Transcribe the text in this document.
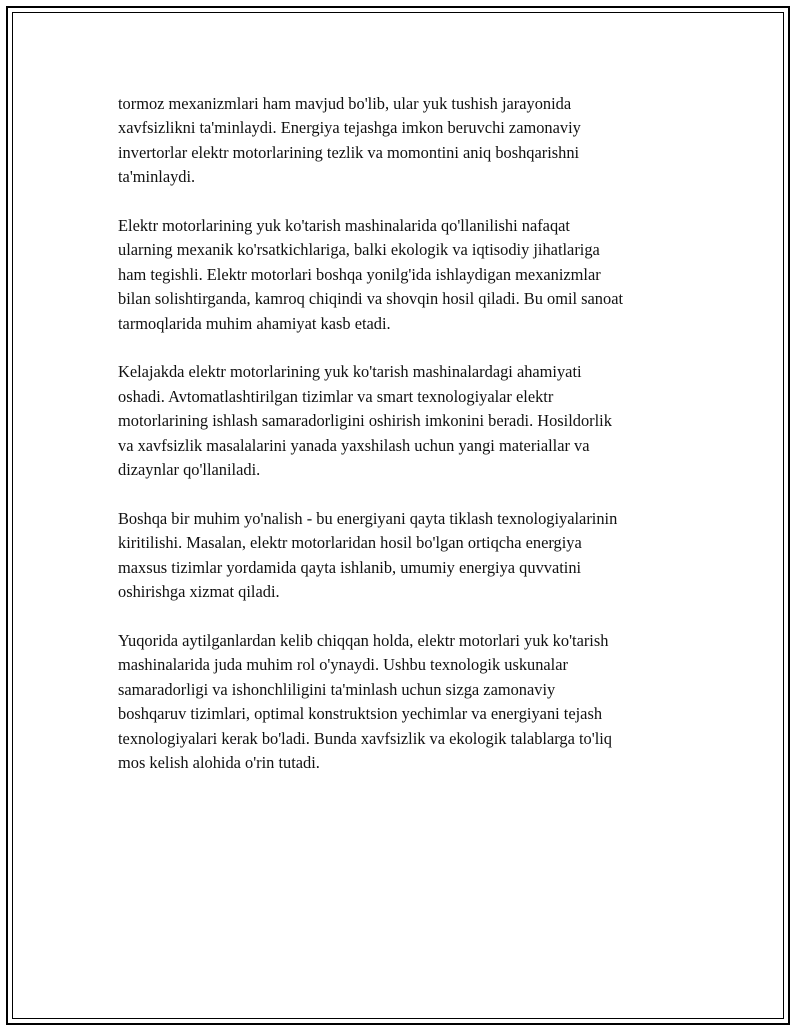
tormoz mexanizmlari ham mavjud bo'lib, ular yuk tushish jarayonida
xavfsizlikni ta'minlaydi. Energiya tejashga imkon beruvchi zamonaviy
invertorlar elektr motorlarining tezlik va momontini aniq boshqarishni
ta'minlaydi.

Elektr motorlarining yuk ko'tarish mashinalarida qo'llanilishi nafaqat
ularning mexanik ko'rsatkichlariga, balki ekologik va iqtisodiy jihatlariga
ham tegishli. Elektr motorlari boshqa yonilg'ida ishlaydigan mexanizmlar
bilan solishtirganda, kamroq chiqindi va shovqin hosil qiladi. Bu omil sanoat
tarmoqlarida muhim ahamiyat kasb etadi.

Kelajakda elektr motorlarining yuk ko'tarish mashinalardagi ahamiyati
oshadi. Avtomatlashtirilgan tizimlar va smart texnologiyalar elektr
motorlarining ishlash samaradorligini oshirish imkonini beradi. Hosildorlik
va xavfsizlik masalalarini yanada yaxshilash uchun yangi materiallar va
dizaynlar qo'llaniladi.

Boshqa bir muhim yo'nalish - bu energiyani qayta tiklash texnologiyalarinin
kiritilishi. Masalan, elektr motorlaridan hosil bo'lgan ortiqcha energiya
maxsus tizimlar yordamida qayta ishlanib, umumiy energiya quvvatini
oshirishga xizmat qiladi.

Yuqorida aytilganlardan kelib chiqqan holda, elektr motorlari yuk ko'tarish
mashinalarida juda muhim rol o'ynaydi. Ushbu texnologik uskunalar
samaradorligi va ishonchliligini ta'minlash uchun sizga zamonaviy
boshqaruv tizimlari, optimal konstruktsion yechimlar va energiyani tejash
texnologiyalari kerak bo'ladi. Bunda xavfsizlik va ekologik talablarga to'liq
mos kelish alohida o'rin tutadi.
